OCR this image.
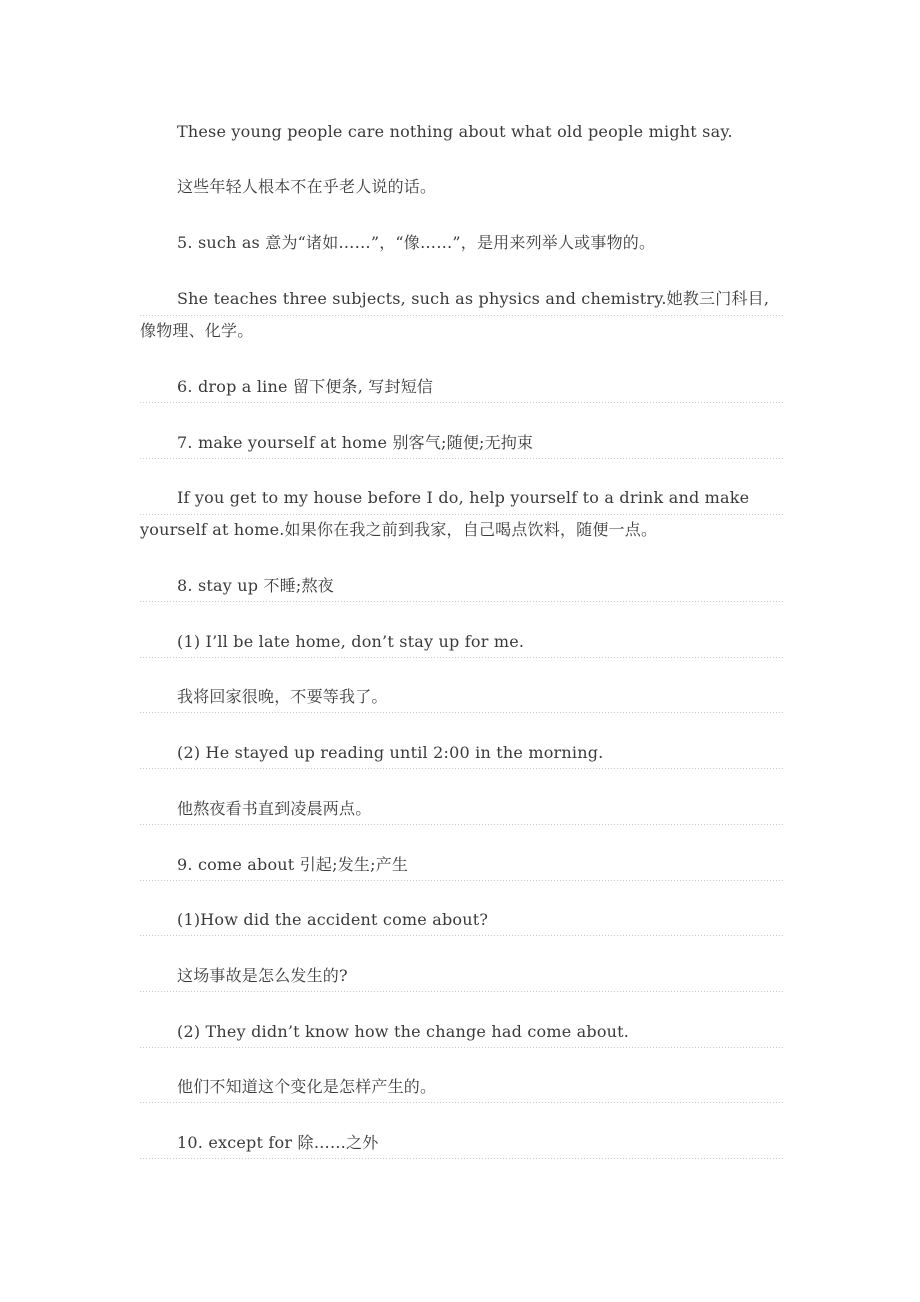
These young people care nothing about what old people might say.

这些年轻人根本不在乎老人说的话。

5. such as 意为“诸如……”，“像……”，是用来列举人或事物的。

She teaches three subjects, such as physics and chemistry.她教三门科目,像物理、化学。

6. drop a line 留下便条, 写封短信

7. make yourself at home 别客气;随便;无拘束

If you get to my house before I do, help yourself to a drink and make yourself at home.如果你在我之前到我家，自己喝点饮料，随便一点。

8. stay up 不睡;熬夜

(1) I’ll be late home, don’t stay up for me.

我将回家很晚，不要等我了。

(2) He stayed up reading until 2:00 in the morning.

他熬夜看书直到凌晨两点。

9. come about 引起;发生;产生

(1)How did the accident come about?

这场事故是怎么发生的?

(2) They didn’t know how the change had come about.

他们不知道这个变化是怎样产生的。

10. except for 除……之外
